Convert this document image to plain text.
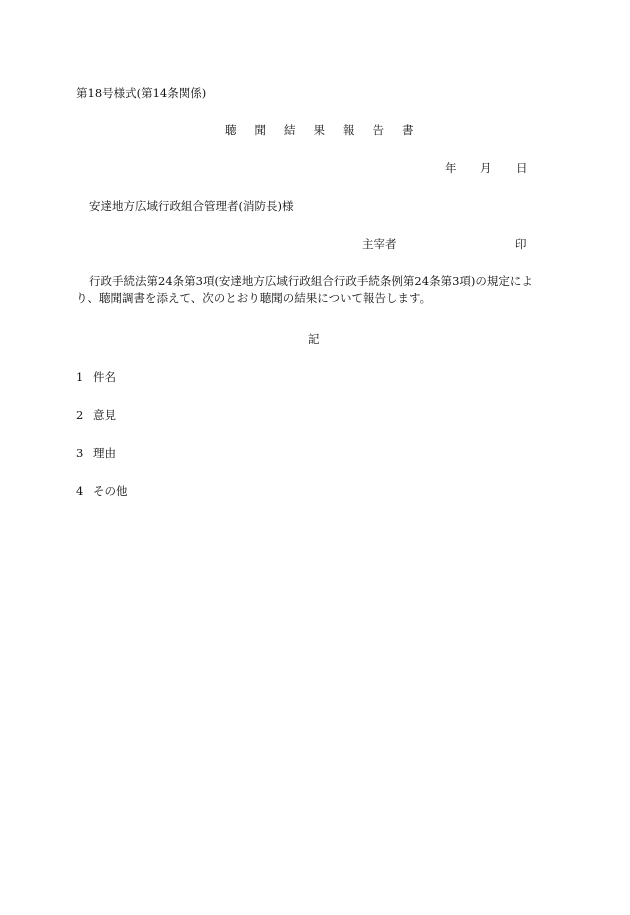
第18号様式(第14条関係)
聴 聞 結 果 報 告 書
年 月 日
安達地方広域行政組合管理者(消防長)様
主宰者	印
行政手続法第24条第3項(安達地方広域行政組合行政手続条例第24条第3項)の規定により、聴聞調書を添えて、次のとおり聴聞の結果について報告します。
記
1 件名
2 意見
3 理由
4 その他
